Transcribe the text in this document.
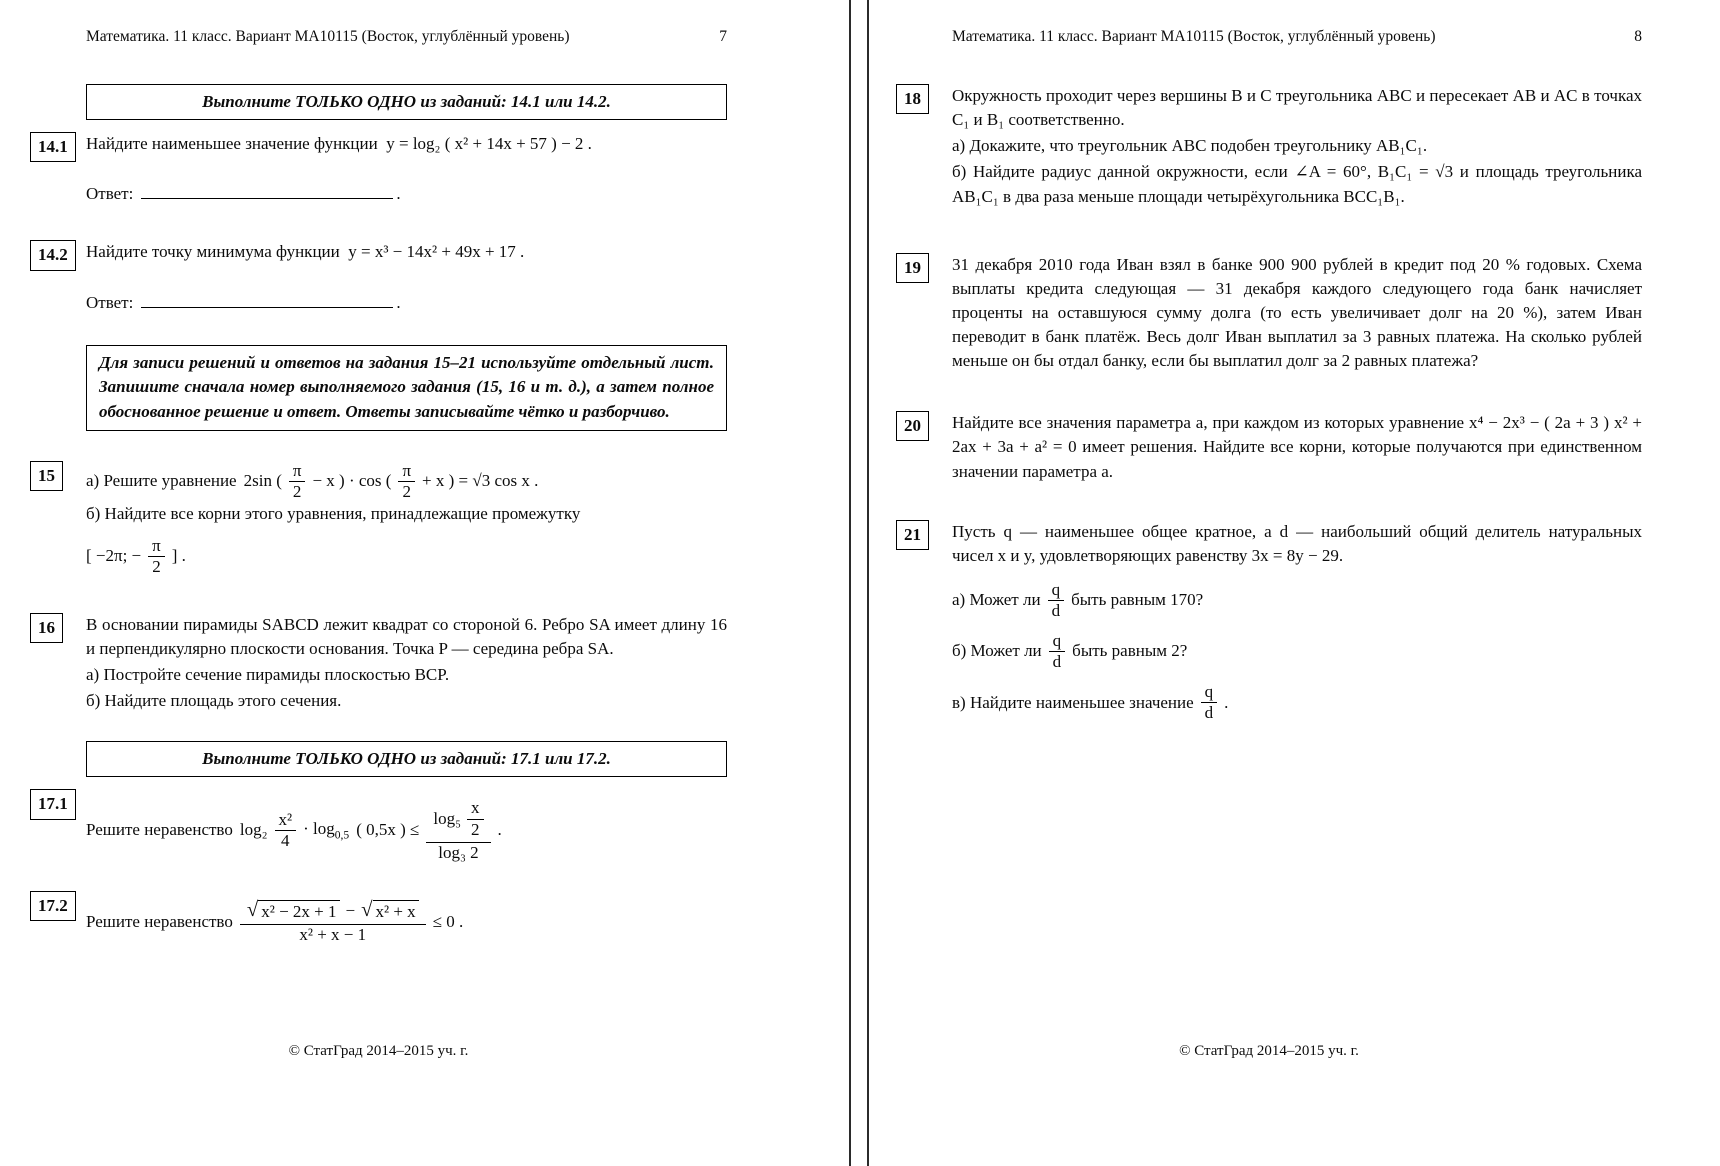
Математика. 11 класс. Вариант МА10115 (Восток, углублённый уровень)	7
Выполните ТОЛЬКО ОДНО из заданий: 14.1 или 14.2.
14.1	Найдите наименьшее значение функции y = log₂ ( x² + 14x + 57 ) − 2 .

Ответ:	.

14.2	Найдите точку минимума функции y = x³ − 14x² + 49x + 17 .

Ответ:	.

Для записи решений и ответов на задания 15–21 используйте отдельный лист. Запишите сначала номер выполняемого задания (15, 16 и т. д.), а затем полное обоснованное решение и ответ. Ответы записывайте чётко и разборчиво.
15	а) Решите уравнение 2sin ( $\frac{\pi}{2} - x$ ) · cos ( $\frac{\pi}{2} + x$ ) = √3 cos x .

б) Найдите все корни этого уравнения, принадлежащие промежутку

[ −2π; − $\frac{\pi}{2}$ ] .
16	В основании пирамиды SABCD лежит квадрат со стороной 6. Ребро SA имеет длину 16 и перпендикулярно плоскости основания. Точка P — середина ребра SA.

а) Постройте сечение пирамиды плоскостью BCP.

б) Найдите площадь этого сечения.

Выполните ТОЛЬКО ОДНО из заданий: 17.1 или 17.2.
17.1
Решите неравенство $\log_2 \frac{\text{x²}}{4} \cdot \log_{0,5}$ ( 0,5x ) ≤ $\frac{\log_5 \frac{x}{2}}{\text{log₃ 2}}$ .
17.2
Решите неравенство $\frac{\text{√ x² − 2x + 1 − √ x² + x}}{\text{x² + x − 1}} \le 0$ .
© СтатГрад 2014–2015 уч. г.
Математика. 11 класс. Вариант МА10115 (Восток, углублённый уровень)	8
18	Окружность проходит через вершины B и C треугольника ABC и пересекает AB и AC в точках C₁ и B₁ соответственно.

а) Докажите, что треугольник ABC подобен треугольнику AB₁C₁.

б) Найдите радиус данной окружности, если ∠A = 60°, B₁C₁ = √3 и площадь треугольника AB₁C₁ в два раза меньше площади четырёхугольника BCC₁B₁.

19	31 декабря 2010 года Иван взял в банке 900 900 рублей в кредит под 20 % годовых. Схема выплаты кредита следующая — 31 декабря каждого следующего года банк начисляет проценты на оставшуюся сумму долга (то есть увеличивает долг на 20 %), затем Иван переводит в банк платёж. Весь долг Иван выплатил за 3 равных платежа. На сколько рублей меньше он бы отдал банку, если бы выплатил долг за 2 равных платежа?

20	Найдите все значения параметра a, при каждом из которых уравнение x⁴ − 2x³ − ( 2a + 3 ) x² + 2ax + 3a + a² = 0 имеет решения. Найдите все корни, которые получаются при единственном значении параметра a.

21	Пусть q — наименьшее общее кратное, а d — наибольший общий делитель натуральных чисел x и y, удовлетворяющих равенству 3x = 8y − 29.

а) Может ли $\frac{q}{d}$ быть равным 170?
б) Может ли $\frac{q}{d}$ быть равным 2?
в) Найдите наименьшее значение $\frac{q}{d}$ .
© СтатГрад 2014–2015 уч. г.
